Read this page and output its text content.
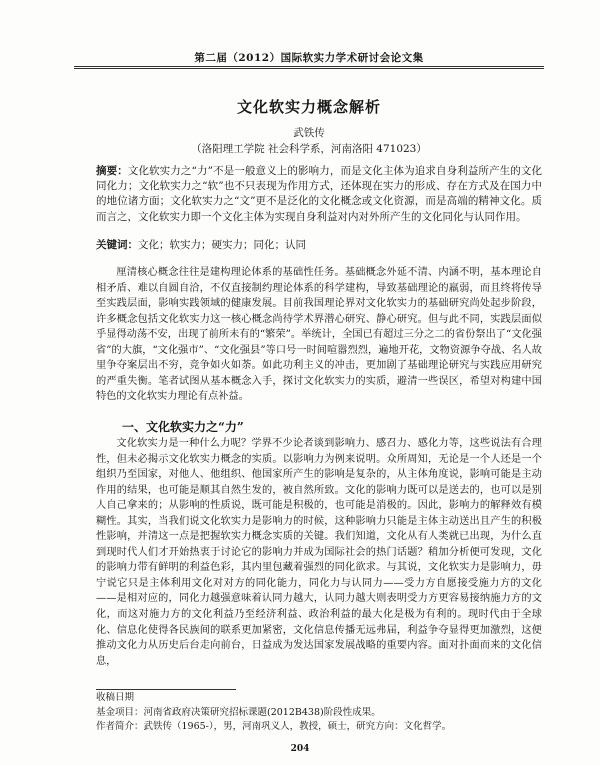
第二届（2012）国际软实力学术研讨会论文集
文化软实力概念解析
武铁传
（洛阳理工学院 社会科学系，河南洛阳 471023）
摘要：文化软实力之“力”不是一般意义上的影响力，而是文化主体为追求自身利益所产生的文化同化力；文化软实力之“软”也不只表现为作用方式，还体现在实力的形成、存在方式及在国力中的地位诸方面；文化软实力之“文”更不是泛化的文化概念或文化资源，而是高端的精神文化。质而言之，文化软实力即一个文化主体为实现自身利益对内对外所产生的文化同化与认同作用。
关键词：文化；软实力；硬实力；同化；认同
厘清核心概念往往是建构理论体系的基础性任务。基础概念外延不清、内涵不明，基本理论自相矛盾、难以自圆自洽，不仅直接制约理论体系的科学建构，导致基础理论的羸弱，而且终将传导至实践层面，影响实践领域的健康发展。目前我国理论界对文化软实力的基础研究尚处起步阶段，许多概念包括文化软实力这一核心概念尚待学术界潜心研究、静心研究。但与此不同，实践层面似乎显得动荡不安，出现了前所未有的“繁荣”。举统计，全国已有超过三分之二的省份祭出了“文化强省”的大旗，“文化强市”、“文化强县”等口号一时间喧嚣烈烈，遍地开花，文物资源争夺战、名人故里争夺案层出不穷，竞争如火如荼。如此功利主义的冲击，更加剧了基础理论研究与实践应用研究的严重失衡。笔者试图从基本概念入手，探讨文化软实力的实质，避清一些误区，希望对构建中国特色的文化软实力理论有点补益。
一、文化软实力之“力”
文化软实力是一种什么力呢？学界不少论者谈到影响力、感召力、感化力等，这些说法有合理性，但未必揭示文化软实力概念的实质。以影响力为例来说明。众所周知，无论是一个人还是一个组织乃至国家，对他人、他组织、他国家所产生的影响是复杂的，从主体角度说，影响可能是主动作用的结果，也可能是顺其自然生发的，被自然所致。文化的影响力既可以是送去的，也可以是别人自己拿来的；从影响的性质说，既可能是积极的，也可能是消极的。因此，影响力的解释效有模糊性。其实，当我们说文化软实力是影响力的时候，这种影响力只能是主体主动送出且产生的积极性影响，并清这一点是把握软实力概念实质的关键。我们知道，文化从有人类就已出现，为什么直到现时代人们才开始热衷于讨论它的影响力并成为国际社会的热门话题？稍加分析便可发现，文化的影响力带有鲜明的利益色彩，其内里包藏着强烈的同化欲求。与其说，文化软实力是影响力，毋宁说它只是主体利用文化对对方的同化能力，同化力与认同力——受力方自愿接受施力方的文化——是相对应的，同化力越强意味着认同力越大，认同力越大则表明受力方更容易接纳施力方的文化，而这对施力方的文化利益乃至经济利益、政治利益的最大化是极为有利的。现时代由于全球化、信息化使得各民族间的联系更加紧密，文化信息传播无远弗届，利益争夺显得更加激烈，这便推动文化力从历史后台走向前台，日益成为发达国家发展战略的重要内容。面对扑面而来的文化信息，
收稿日期
基金项目：河南省政府决策研究招标课题(2012B438)阶段性成果。
作者简介：武铁传（1965-），男，河南巩义人，教授，硕士，研究方向：文化哲学。
204
